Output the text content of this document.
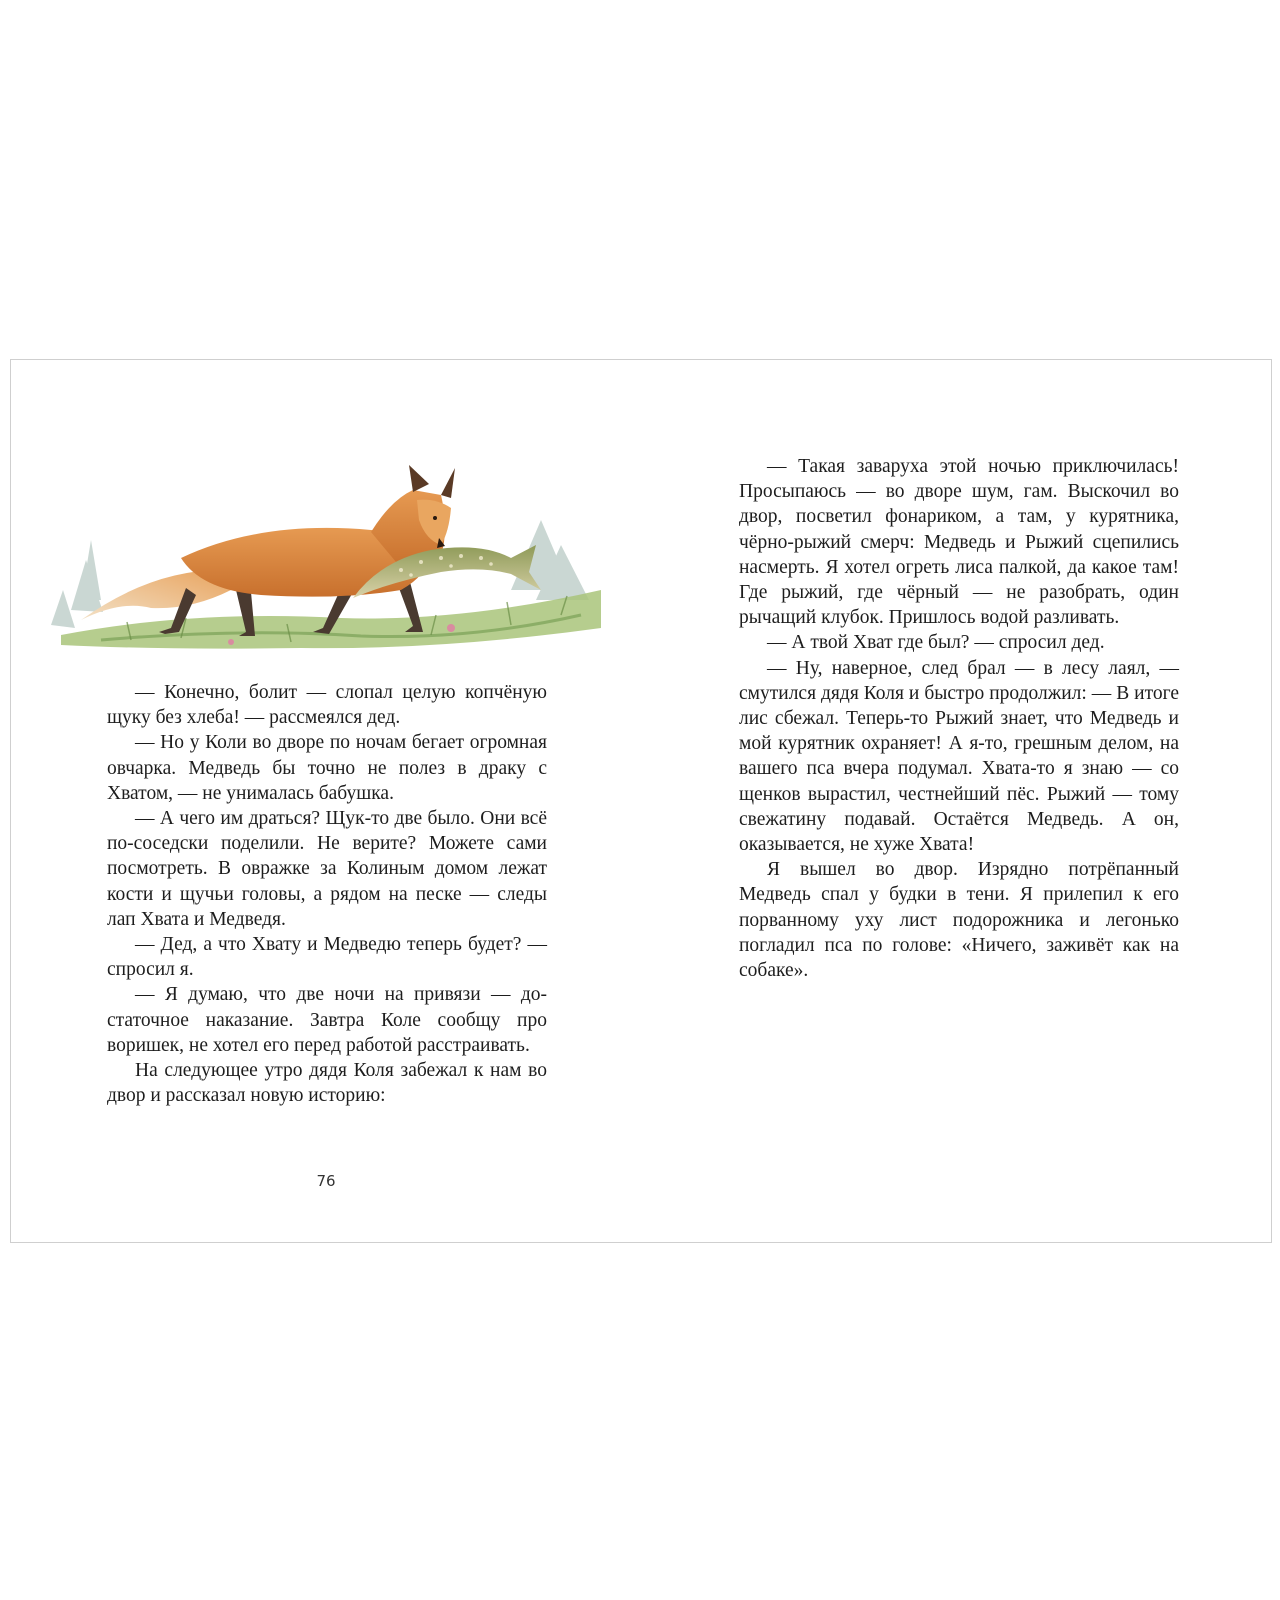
— Конечно, болит — слопал целую копчёную щуку без хлеба! — рассмеялся дед.

— Но у Коли во дворе по ночам бегает огромная овчарка. Медведь бы точно не полез в драку с Хватом, — не унималась бабушка.

— А чего им драться? Щук-то две было. Они всё по-соседски поделили. Не верите? Можете сами посмотреть. В овражке за Колиным домом лежат кости и щучьи головы, а рядом на песке — следы лап Хвата и Медведя.

— Дед, а что Хвату и Медведю теперь будет? — спросил я.

— Я думаю, что две ночи на привязи — достаточное наказание. Завтра Коле сообщу про воришек, не хотел его перед работой расстраивать.

На следующее утро дядя Коля забежал к нам во двор и рассказал новую историю:

76

— Такая заваруха этой ночью приключилась! Просыпаюсь — во дворе шум, гам. Выскочил во двор, посветил фонариком, а там, у курятника, чёрно-рыжий смерч: Медведь и Рыжий сцепились насмерть. Я хотел огреть лиса палкой, да какое там! Где рыжий, где чёрный — не разобрать, один рычащий клубок. Пришлось водой разливать.

— А твой Хват где был? — спросил дед.

— Ну, наверное, след брал — в лесу лаял, — смутился дядя Коля и быстро продолжил: — В итоге лис сбежал. Теперь-то Рыжий знает, что Медведь и мой курятник охраняет! А я-то, грешным делом, на вашего пса вчера подумал. Хвата-то я знаю — со щенков вырастил, честнейший пёс. Рыжий — тому свежатину подавай. Остаётся Медведь. А он, оказывается, не хуже Хвата!

Я вышел во двор. Изрядно потрёпанный Медведь спал у будки в тени. Я прилепил к его порванному уху лист подорожника и легонько погладил пса по голове: «Ничего, заживёт как на собаке».
